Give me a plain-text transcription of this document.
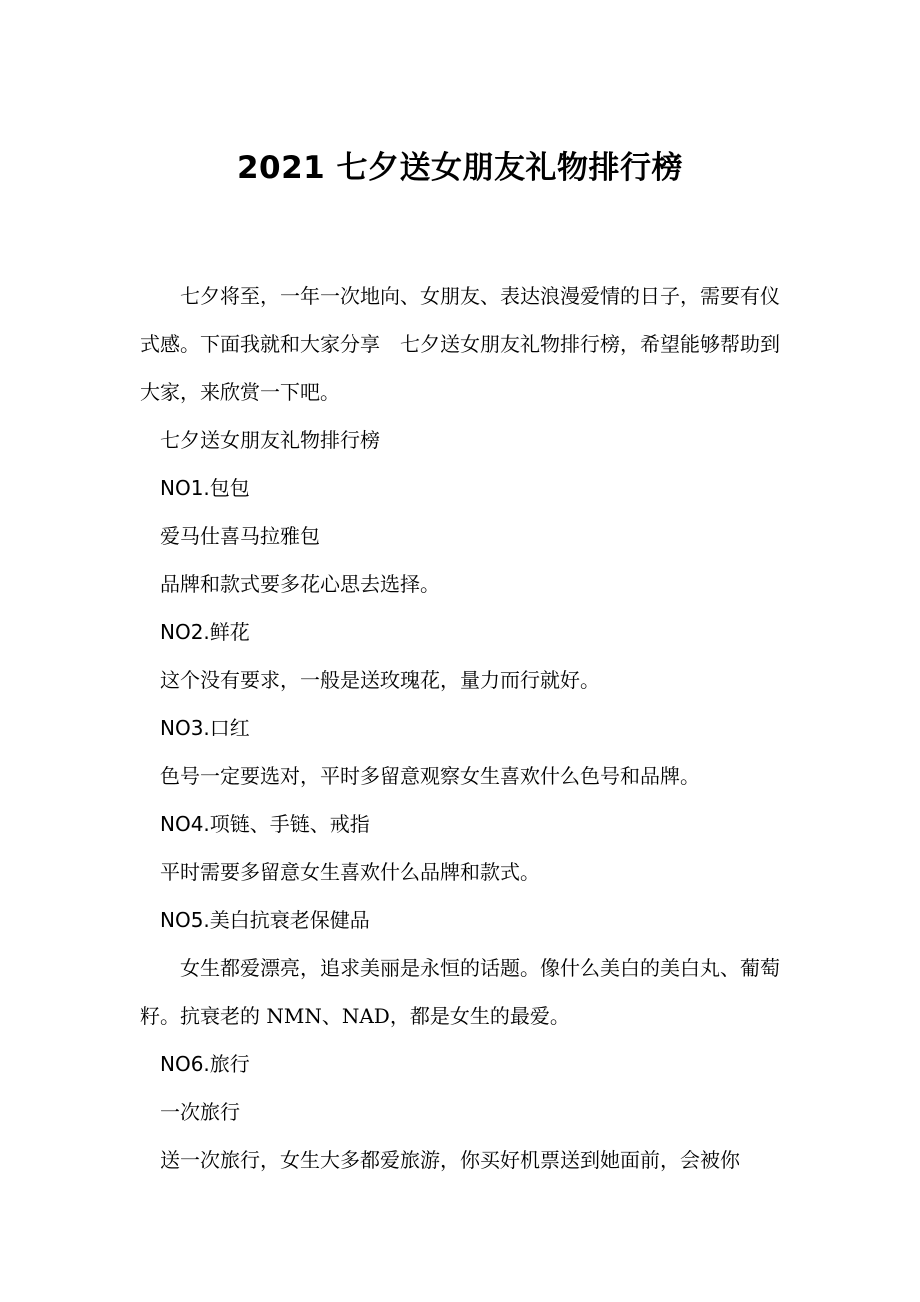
2021 七夕送女朋友礼物排行榜

七夕将至，一年一次地向、女朋友、表达浪漫爱情的日子，需要有仪式感。下面我就和大家分享　七夕送女朋友礼物排行榜，希望能够帮助到大家，来欣赏一下吧。

七夕送女朋友礼物排行榜

NO1.包包

爱马仕喜马拉雅包

品牌和款式要多花心思去选择。

NO2.鲜花

这个没有要求，一般是送玫瑰花，量力而行就好。

NO3.口红

色号一定要选对，平时多留意观察女生喜欢什么色号和品牌。

NO4.项链、手链、戒指

平时需要多留意女生喜欢什么品牌和款式。

NO5.美白抗衰老保健品

女生都爱漂亮，追求美丽是永恒的话题。像什么美白的美白丸、葡萄籽。抗衰老的 NMN、NAD，都是女生的最爱。

NO6.旅行

一次旅行

送一次旅行，女生大多都爱旅游，你买好机票送到她面前，会被你
